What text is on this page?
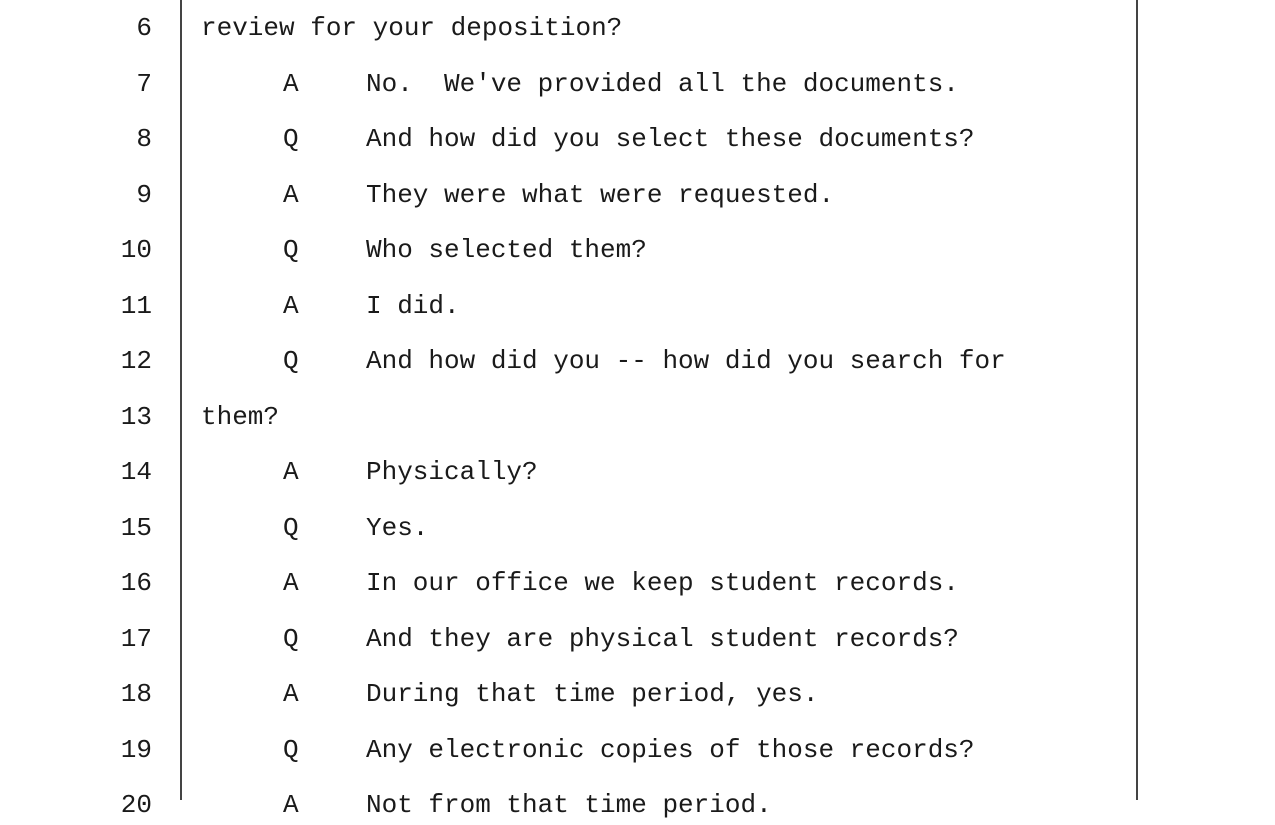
6 review for your deposition?
7	A	No.  We've provided all the documents.
8	Q	And how did you select these documents?
9	A	They were what were requested.
10	Q	Who selected them?
11	A	I did.
12	Q	And how did you -- how did you search for
13 them?
14	A	Physically?
15	Q	Yes.
16	A	In our office we keep student records.
17	Q	And they are physical student records?
18	A	During that time period, yes.
19	Q	Any electronic copies of those records?
20	A	Not from that time period.
